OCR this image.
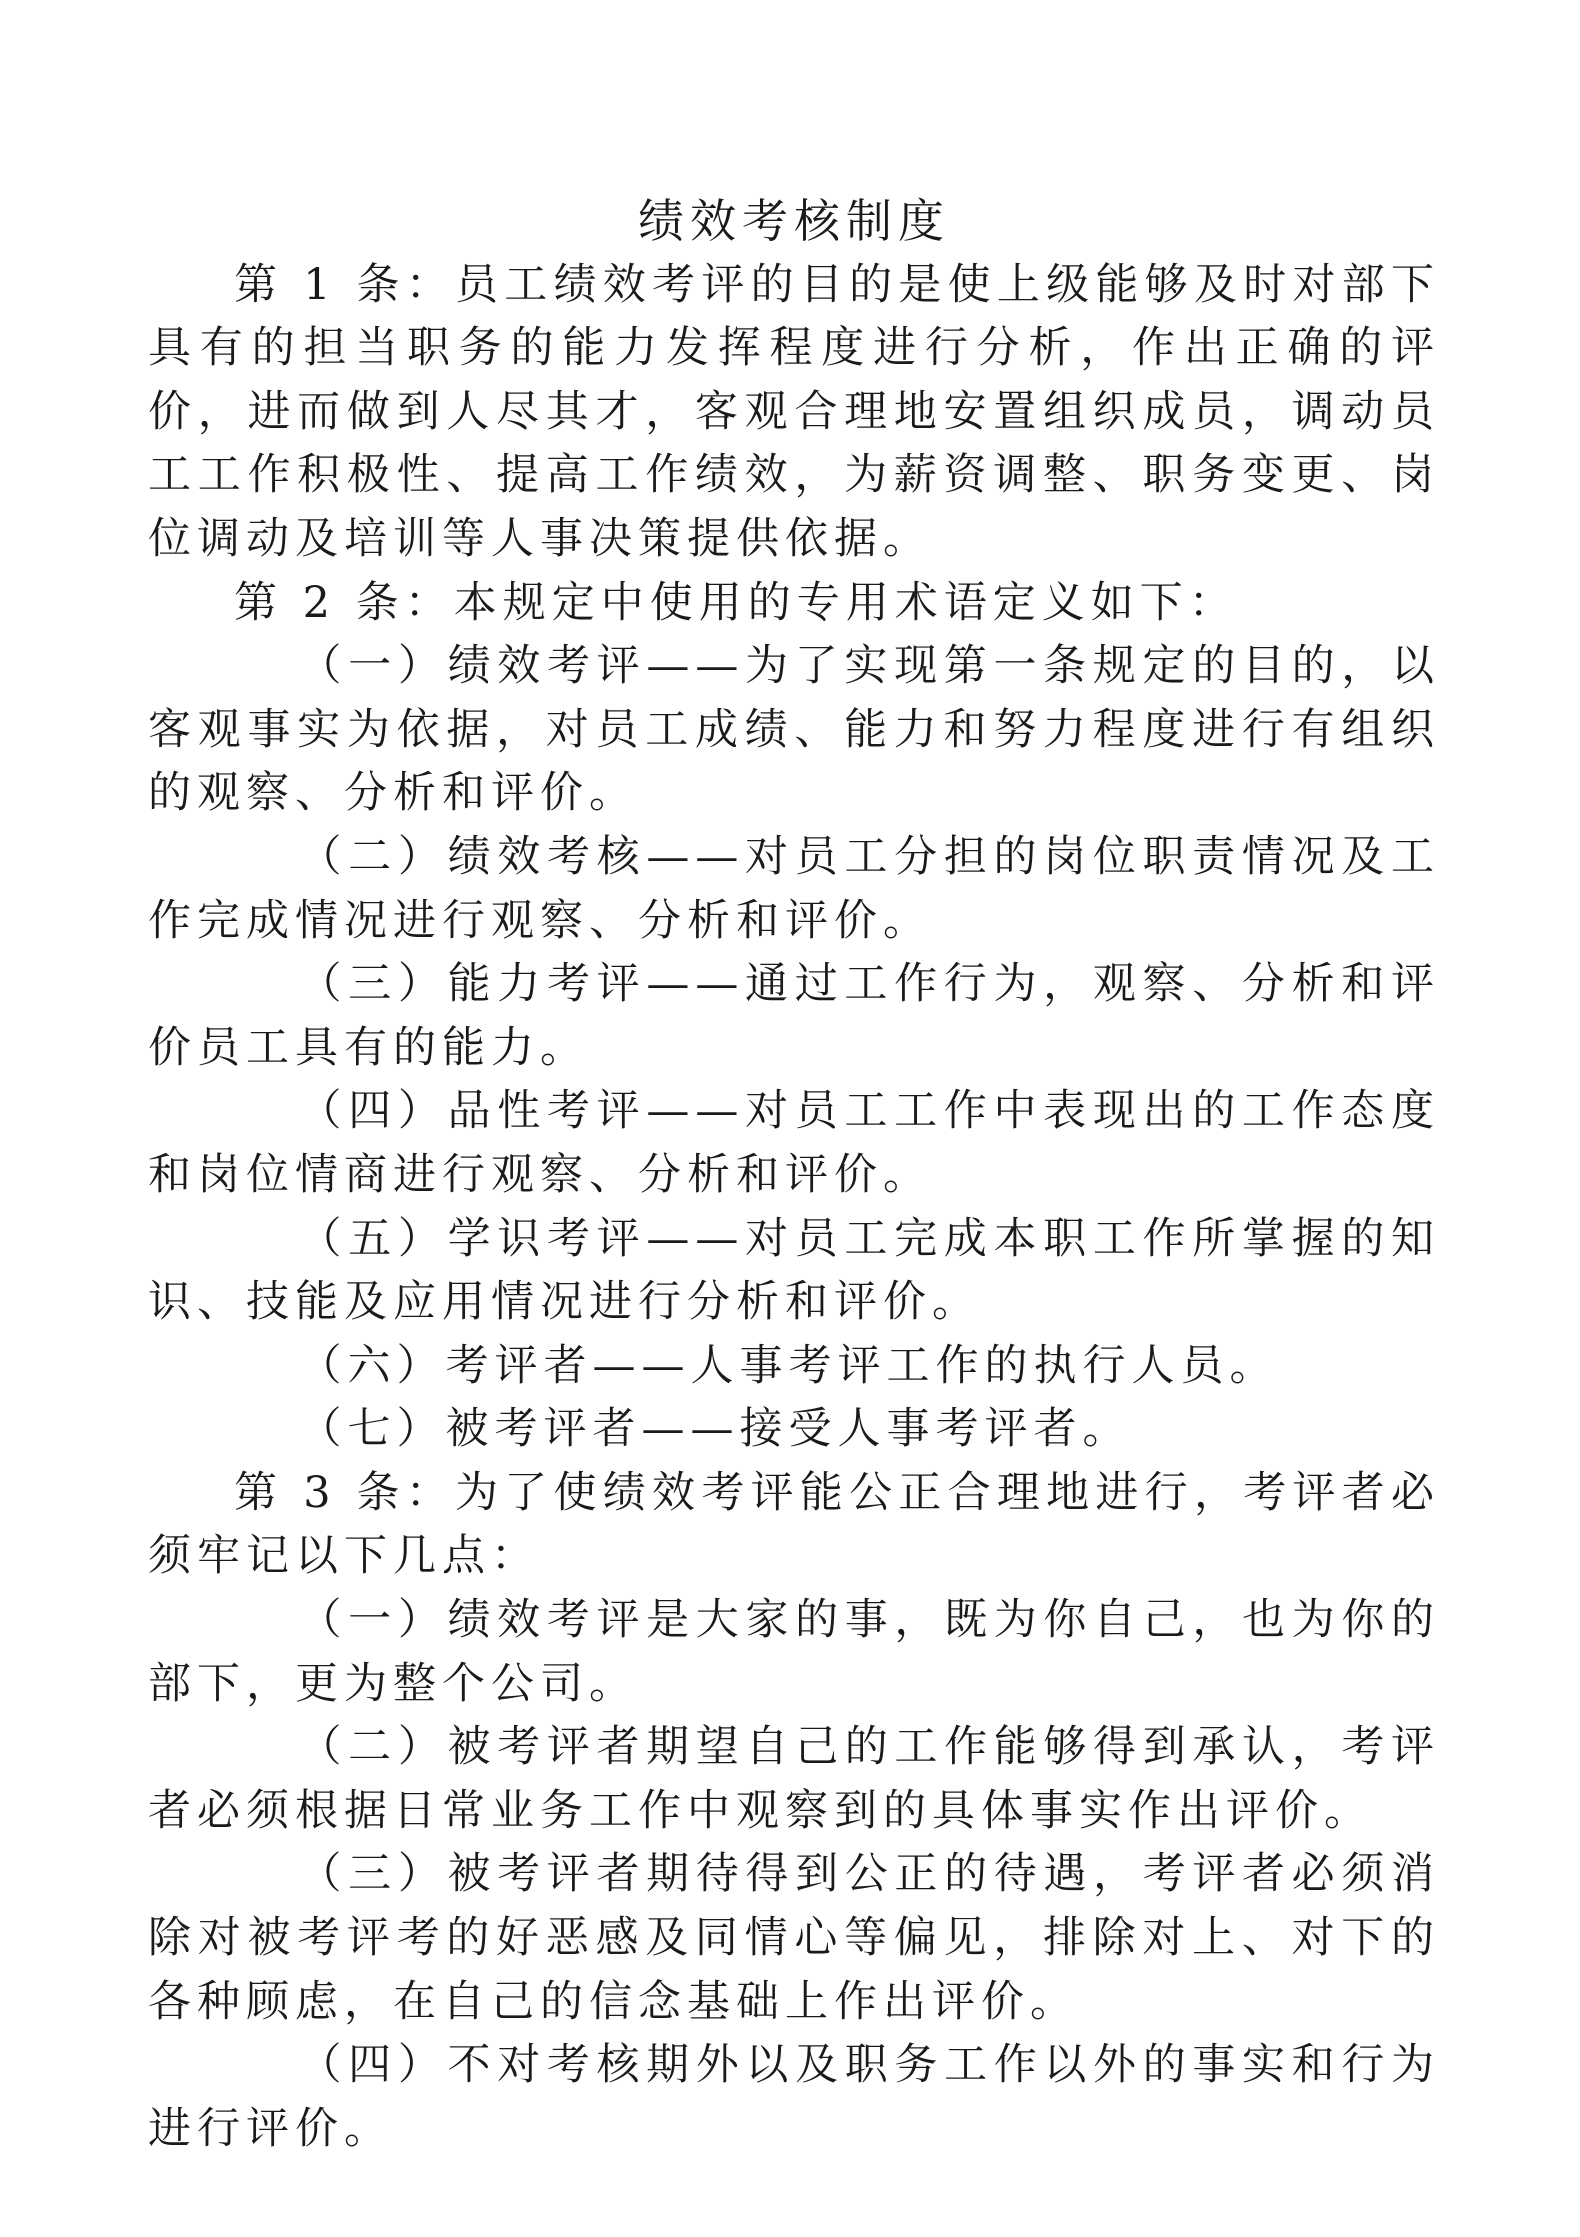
绩效考核制度

第 1 条：员工绩效考评的目的是使上级能够及时对部下具有的担当职务的能力发挥程度进行分析，作出正确的评价，进而做到人尽其才，客观合理地安置组织成员，调动员工工作积极性、提高工作绩效，为薪资调整、职务变更、岗位调动及培训等人事决策提供依据。

第 2 条：本规定中使用的专用术语定义如下：

（一）绩效考评——为了实现第一条规定的目的，以客观事实为依据，对员工成绩、能力和努力程度进行有组织的观察、分析和评价。

（二）绩效考核——对员工分担的岗位职责情况及工作完成情况进行观察、分析和评价。

（三）能力考评——通过工作行为，观察、分析和评价员工具有的能力。

（四）品性考评——对员工工作中表现出的工作态度和岗位情商进行观察、分析和评价。

（五）学识考评——对员工完成本职工作所掌握的知识、技能及应用情况进行分析和评价。

（六）考评者——人事考评工作的执行人员。

（七）被考评者——接受人事考评者。

第 3 条：为了使绩效考评能公正合理地进行，考评者必须牢记以下几点：

（一）绩效考评是大家的事，既为你自己，也为你的部下，更为整个公司。

（二）被考评者期望自己的工作能够得到承认，考评者必须根据日常业务工作中观察到的具体事实作出评价。

（三）被考评者期待得到公正的待遇，考评者必须消除对被考评考的好恶感及同情心等偏见，排除对上、对下的各种顾虑，在自己的信念基础上作出评价。

（四）不对考核期外以及职务工作以外的事实和行为进行评价。
